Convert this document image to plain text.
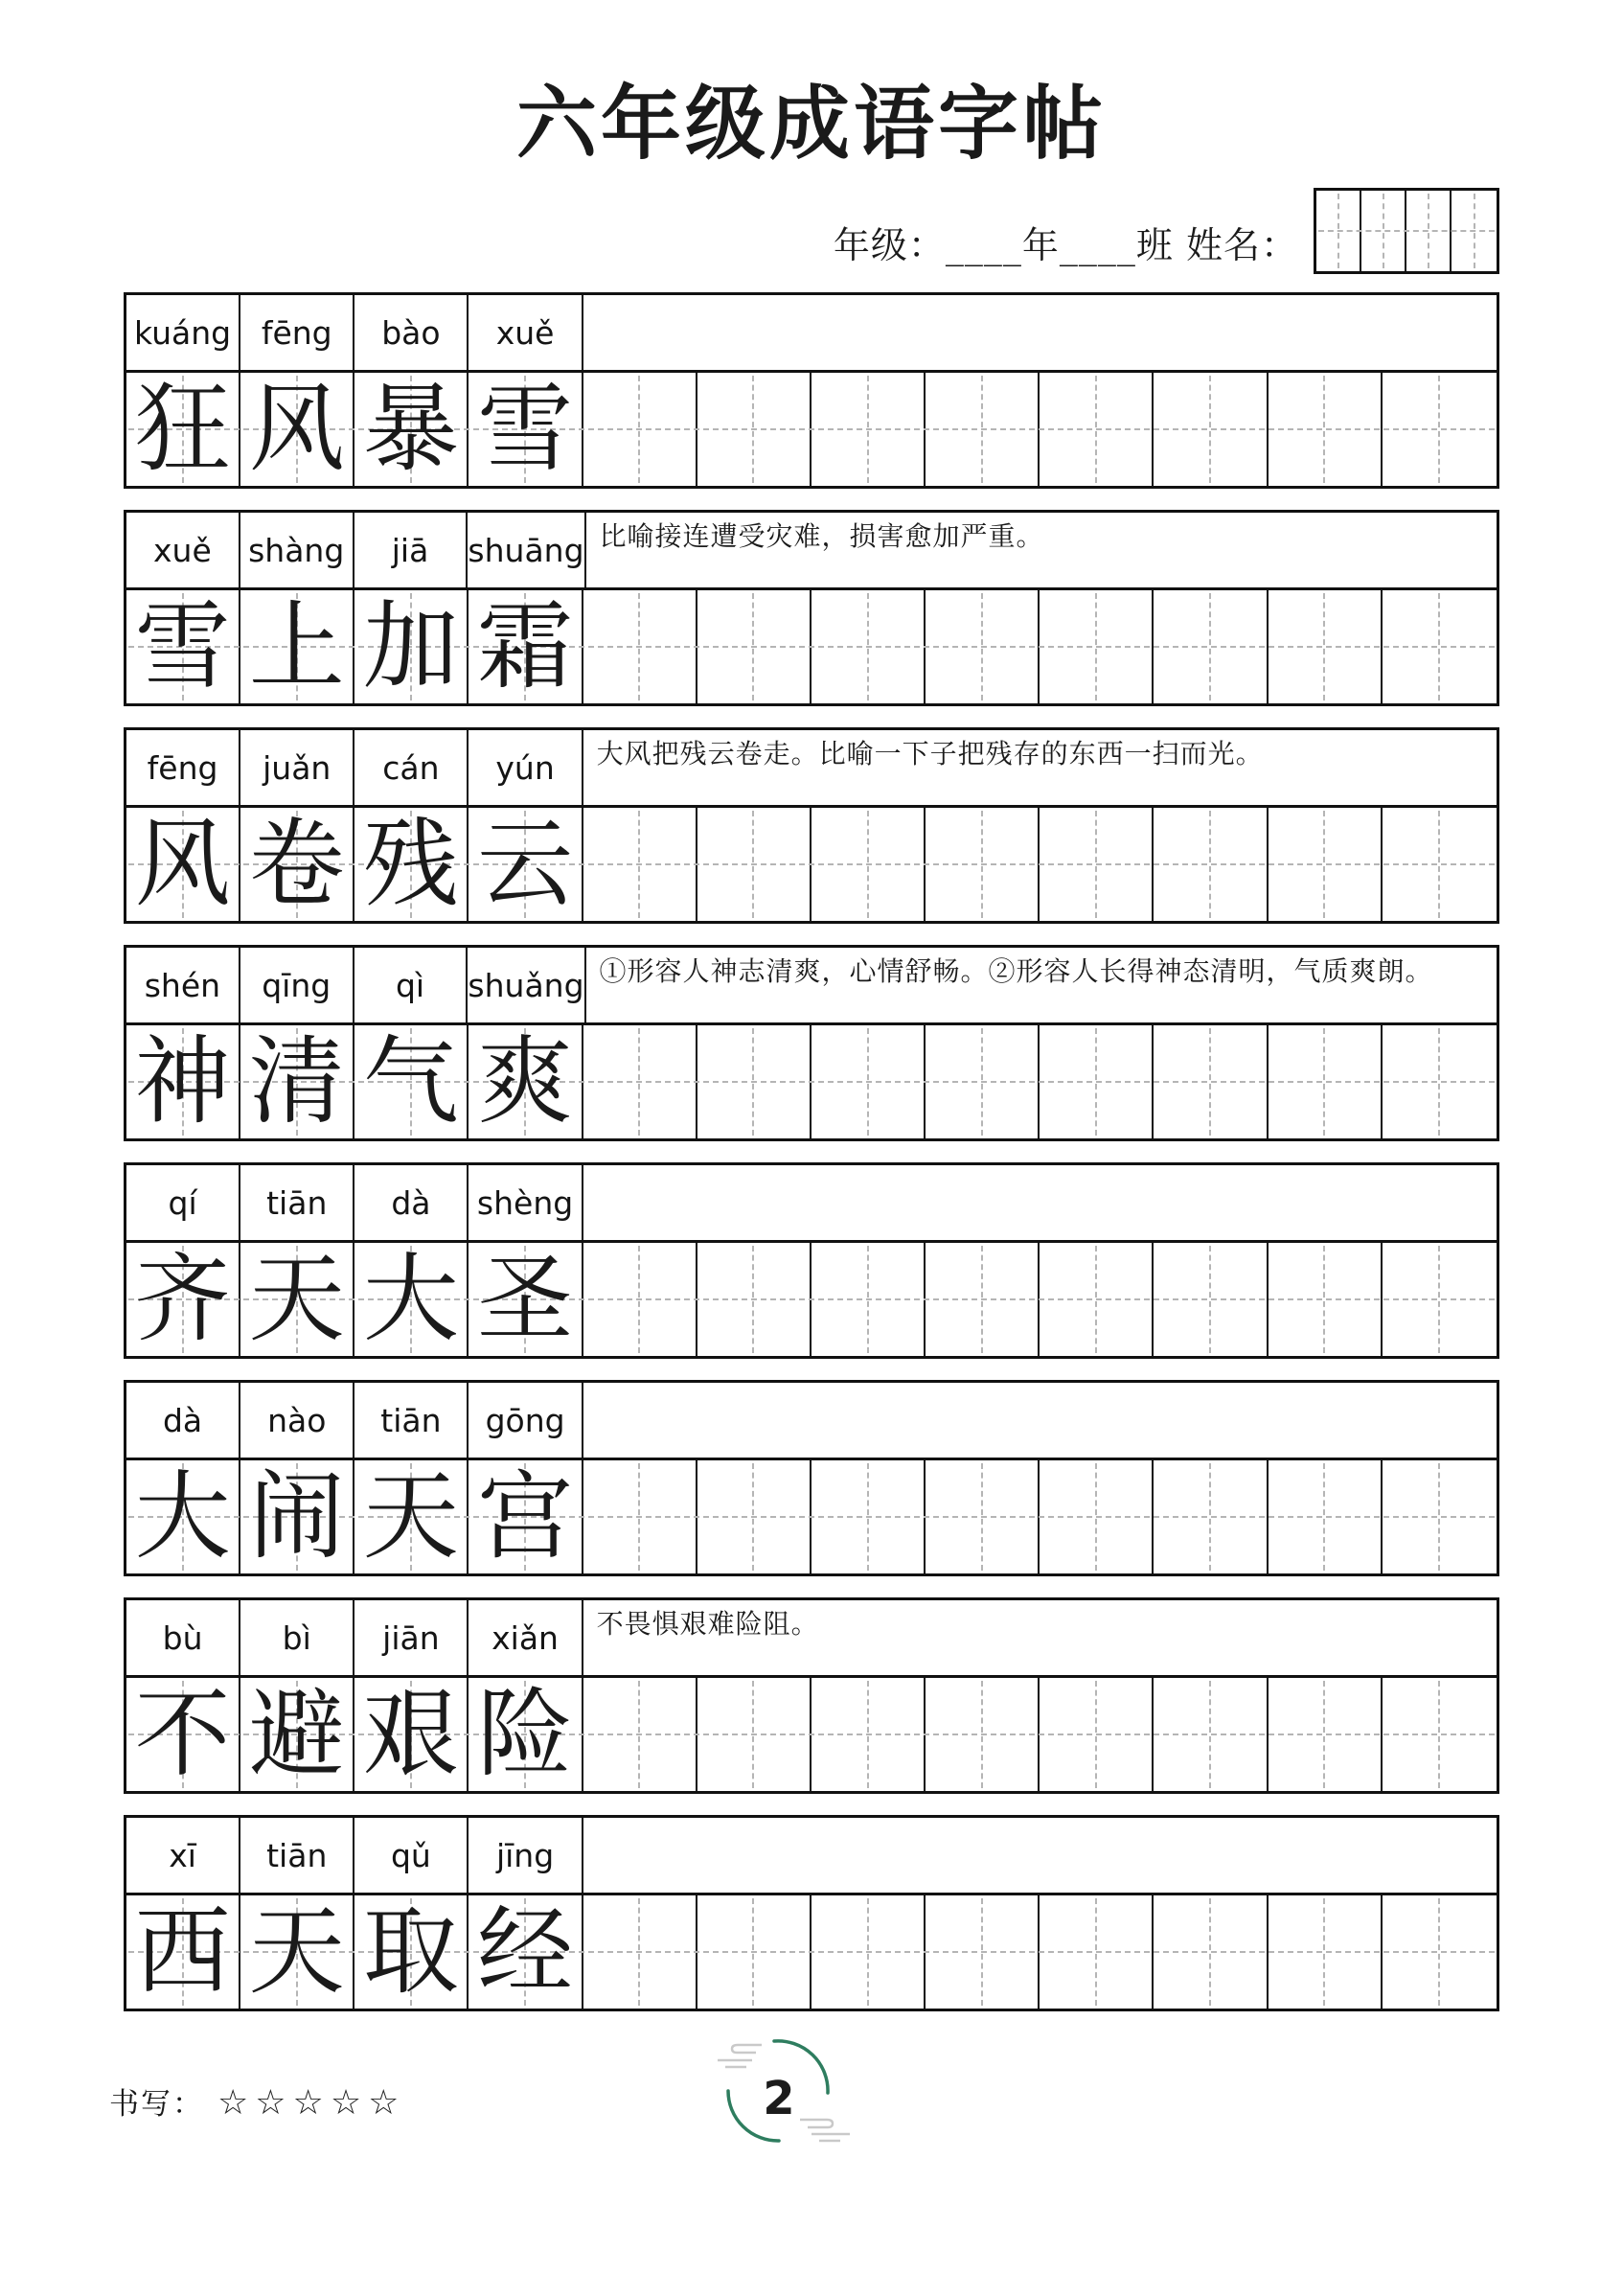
六年级成语字帖
年级：____年____班 姓名：
kuáng fēng	bào	xuě
狂 风 暴 雪
xuě	shàng	jiā	shuāng 比喻接连遭受灾难，损害愈加严重。
雪 上 加 霜
fēng	juǎn	cán	yún	大风把残云卷走。比喻一下子把残存的东西一扫而光。
风 卷 残 云
shén	qīng	qì	shuǎng ①形容人神志清爽，心情舒畅。②形容人长得神态清明，气质爽朗。
神 清 气 爽
qí	tiān	dà	shèng
齐 天 大 圣
dà	nào	tiān	gōng
大 闹 天 宫
bù	bì	jiān	xiǎn	不畏惧艰难险阻。
不 避 艰 险
xī	tiān	qǔ	jīng
西 天 取 经
书写： ☆☆☆☆☆	2
